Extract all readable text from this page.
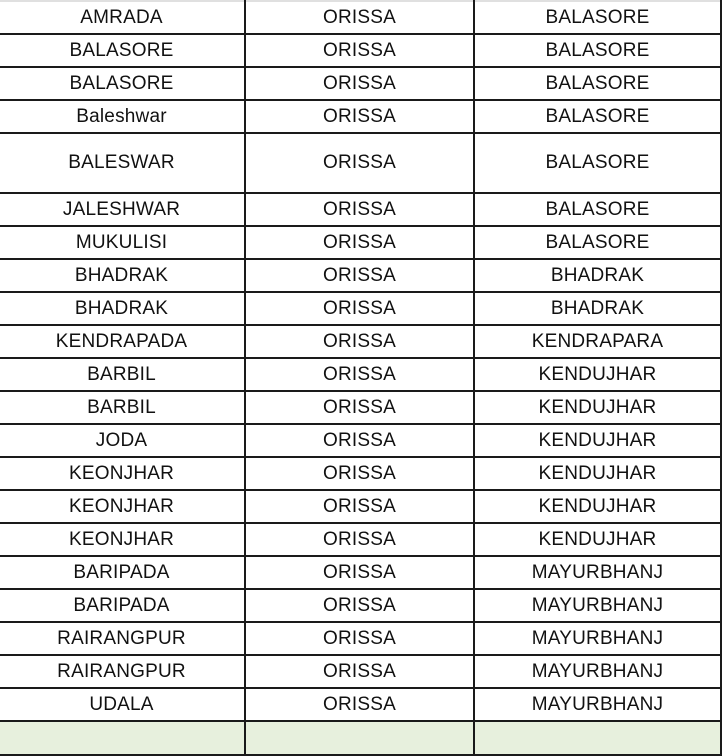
AMRADA	ORISSA	BALASORE
BALASORE	ORISSA	BALASORE
BALASORE	ORISSA	BALASORE
Baleshwar	ORISSA	BALASORE
BALESWAR	ORISSA	BALASORE
JALESHWAR	ORISSA	BALASORE
MUKULISI	ORISSA	BALASORE
BHADRAK	ORISSA	BHADRAK
BHADRAK	ORISSA	BHADRAK
KENDRAPADA	ORISSA	KENDRAPARA
BARBIL	ORISSA	KENDUJHAR
BARBIL	ORISSA	KENDUJHAR
JODA	ORISSA	KENDUJHAR
KEONJHAR	ORISSA	KENDUJHAR
KEONJHAR	ORISSA	KENDUJHAR
KEONJHAR	ORISSA	KENDUJHAR
BARIPADA	ORISSA	MAYURBHANJ
BARIPADA	ORISSA	MAYURBHANJ
RAIRANGPUR	ORISSA	MAYURBHANJ
RAIRANGPUR	ORISSA	MAYURBHANJ
UDALA	ORISSA	MAYURBHANJ
